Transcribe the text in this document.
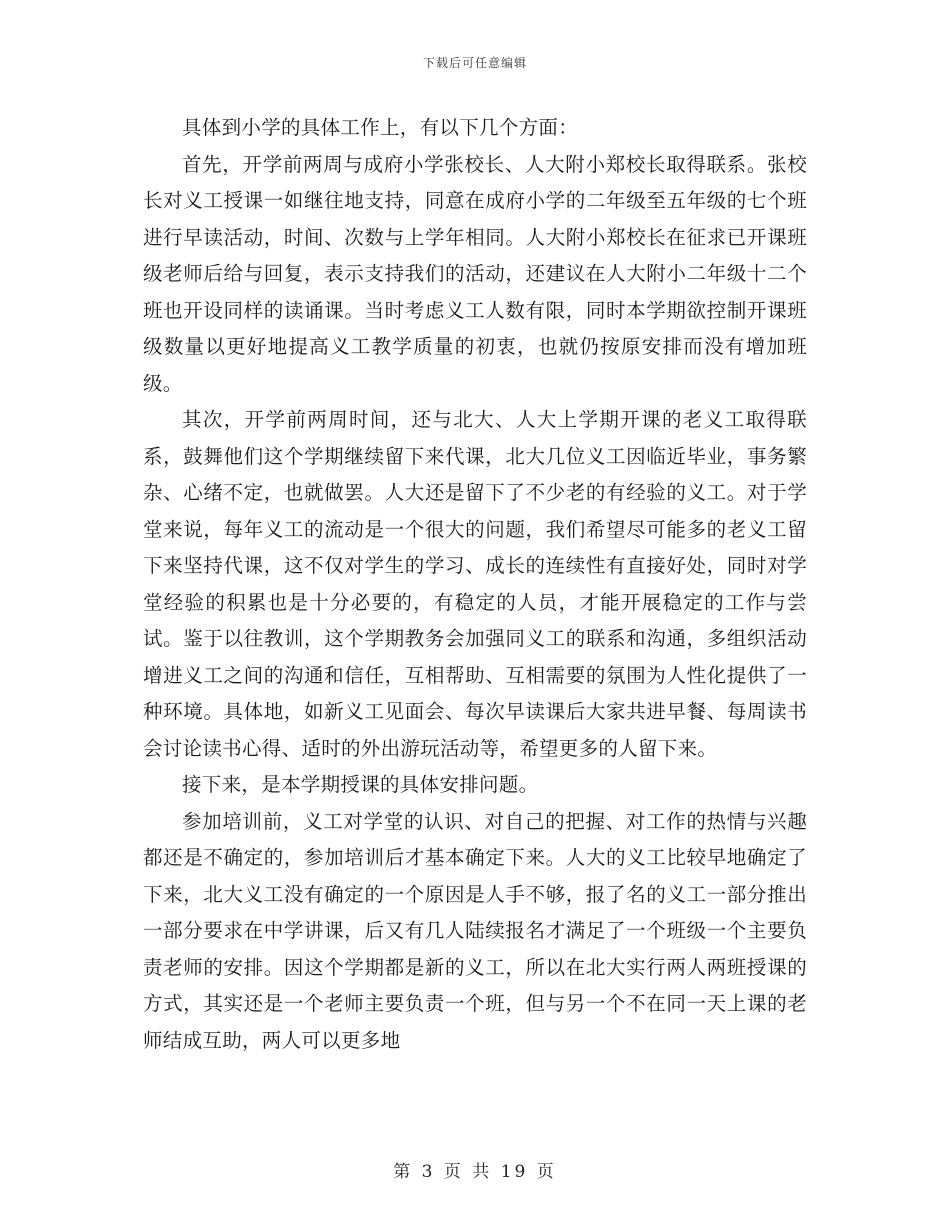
下载后可任意编辑

具体到小学的具体工作上，有以下几个方面：

首先，开学前两周与成府小学张校长、人大附小郑校长取得联系。张校长对义工授课一如继往地支持，同意在成府小学的二年级至五年级的七个班进行早读活动，时间、次数与上学年相同。人大附小郑校长在征求已开课班级老师后给与回复，表示支持我们的活动，还建议在人大附小二年级十二个班也开设同样的读诵课。当时考虑义工人数有限，同时本学期欲控制开课班级数量以更好地提高义工教学质量的初衷，也就仍按原安排而没有增加班级。

其次，开学前两周时间，还与北大、人大上学期开课的老义工取得联系，鼓舞他们这个学期继续留下来代课，北大几位义工因临近毕业，事务繁杂、心绪不定，也就做罢。人大还是留下了不少老的有经验的义工。对于学堂来说，每年义工的流动是一个很大的问题，我们希望尽可能多的老义工留下来坚持代课，这不仅对学生的学习、成长的连续性有直接好处，同时对学堂经验的积累也是十分必要的，有稳定的人员，才能开展稳定的工作与尝试。鉴于以往教训，这个学期教务会加强同义工的联系和沟通，多组织活动增进义工之间的沟通和信任，互相帮助、互相需要的氛围为人性化提供了一种环境。具体地，如新义工见面会、每次早读课后大家共进早餐、每周读书会讨论读书心得、适时的外出游玩活动等，希望更多的人留下来。

接下来，是本学期授课的具体安排问题。

参加培训前，义工对学堂的认识、对自己的把握、对工作的热情与兴趣都还是不确定的，参加培训后才基本确定下来。人大的义工比较早地确定了下来，北大义工没有确定的一个原因是人手不够，报了名的义工一部分推出一部分要求在中学讲课，后又有几人陆续报名才满足了一个班级一个主要负责老师的安排。因这个学期都是新的义工，所以在北大实行两人两班授课的方式，其实还是一个老师主要负责一个班，但与另一个不在同一天上课的老师结成互助，两人可以更多地

第 3 页 共 19 页
